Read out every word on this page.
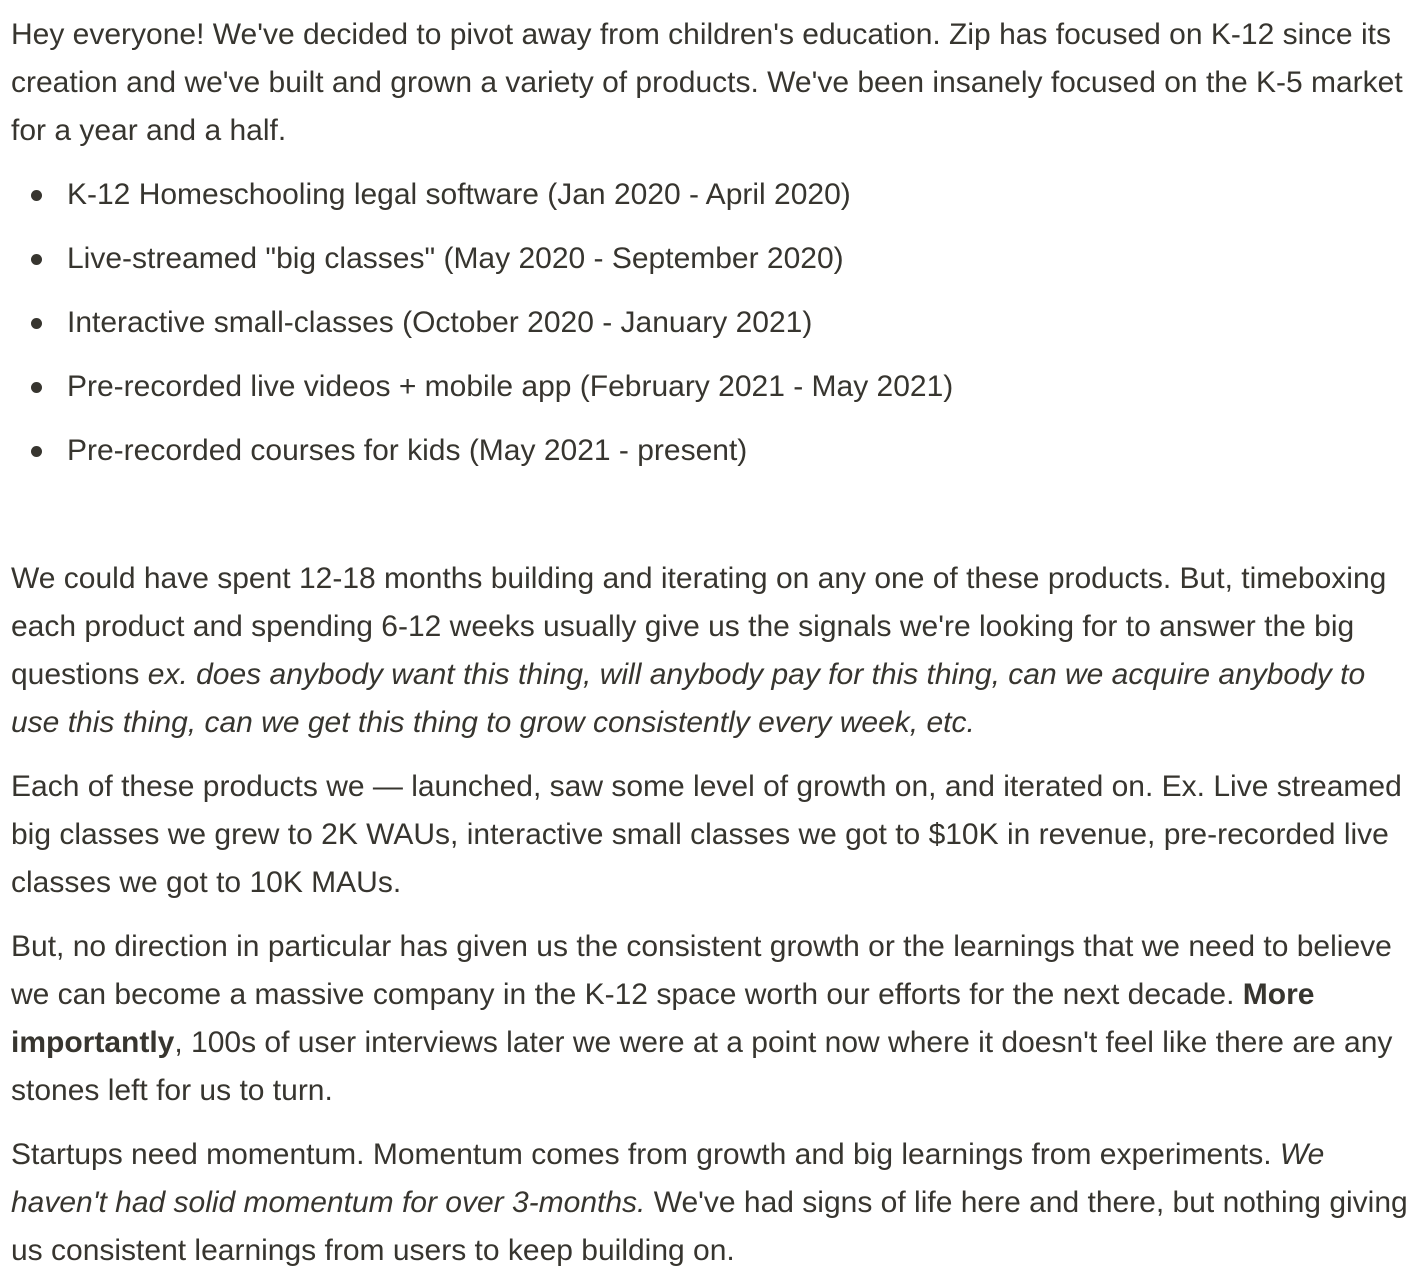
Hey everyone! We've decided to pivot away from children's education. Zip has focused on K-12 since its creation and we've built and grown a variety of products. We've been insanely focused on the K-5 market for a year and a half.

K-12 Homeschooling legal software (Jan 2020 - April 2020)
Live-streamed "big classes" (May 2020 - September 2020)
Interactive small-classes (October 2020 - January 2021)
Pre-recorded live videos + mobile app (February 2021 - May 2021)
Pre-recorded courses for kids (May 2021 - present)

We could have spent 12-18 months building and iterating on any one of these products. But, timeboxing each product and spending 6-12 weeks usually give us the signals we're looking for to answer the big questions ex. does anybody want this thing, will anybody pay for this thing, can we acquire anybody to use this thing, can we get this thing to grow consistently every week, etc.

Each of these products we — launched, saw some level of growth on, and iterated on. Ex. Live streamed big classes we grew to 2K WAUs, interactive small classes we got to $10K in revenue, pre-recorded live classes we got to 10K MAUs.

But, no direction in particular has given us the consistent growth or the learnings that we need to believe we can become a massive company in the K-12 space worth our efforts for the next decade. More importantly, 100s of user interviews later we were at a point now where it doesn't feel like there are any stones left for us to turn.

Startups need momentum. Momentum comes from growth and big learnings from experiments. We haven't had solid momentum for over 3-months. We've had signs of life here and there, but nothing giving us consistent learnings from users to keep building on.
